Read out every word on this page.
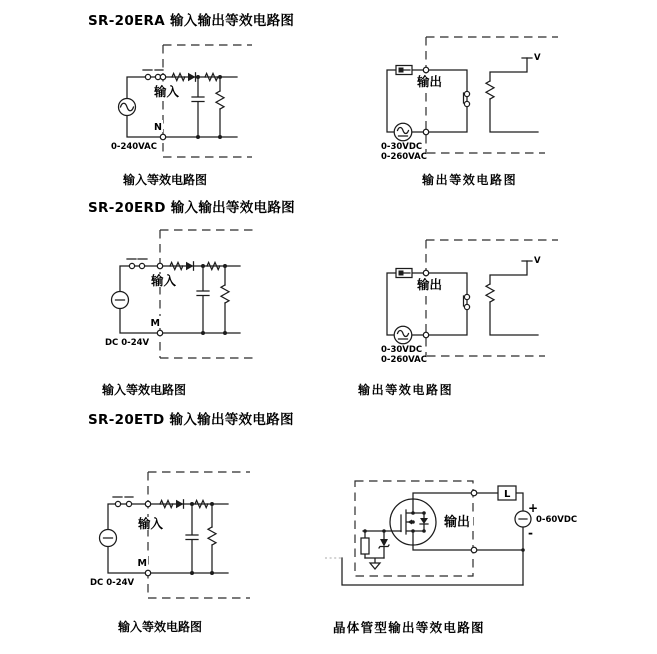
SR-20ERA 输入输出等效电路图
SR-20ERD 输入输出等效电路图
SR-20ETD 输入输出等效电路图
输入
N
0-240VAC
输入等效电路图
输出
V
0-30VDC
0-260VAC
输出等效电路图
输入
M
DC 0-24V
输入等效电路图
输出
V
0-30VDC
0-260VAC
输出等效电路图
输入
M
DC 0-24V
输入等效电路图
L
输出
+
-
0-60VDC
晶体管型输出等效电路图
